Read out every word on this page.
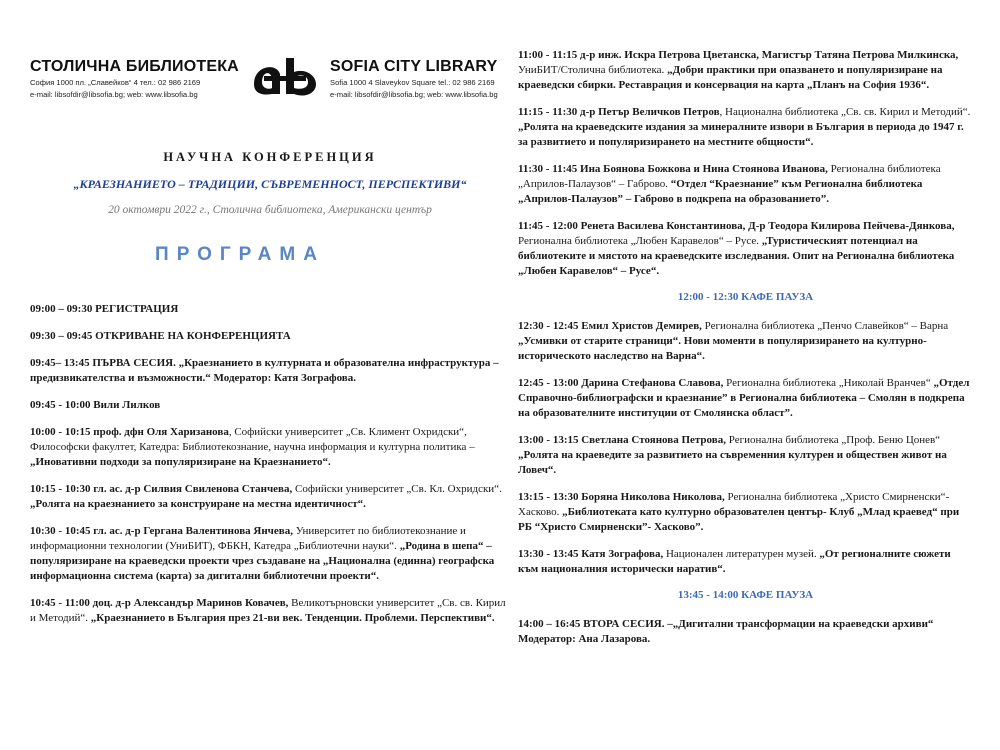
СТОЛИЧНА БИБЛИОТЕКА
София 1000 пл. „Славейков“ 4 тел.: 02 986 2169
e-mail: libsofdir@libsofia.bg; web: www.libsofia.bg
SOFIA CITY LIBRARY
Sofia 1000 4 Slaveykov Square tel.: 02 986 2169
e-mail: libsofdir@libsofia.bg; web: www.libsofia.bg
НАУЧНА КОНФЕРЕНЦИЯ
„КРАЕЗНАНИЕТО – ТРАДИЦИИ, СЪВРЕМЕННОСТ, ПЕРСПЕКТИВИ“
20 октомври 2022 г., Столична библиотека, Американски център
ПРОГРАМА
09:00 – 09:30 РЕГИСТРАЦИЯ
09:30 – 09:45 ОТКРИВАНЕ НА КОНФЕРЕНЦИЯТА
09:45– 13:45 ПЪРВА СЕСИЯ. „Краезнанието в културната и образователна инфраструктура – предизвикателства и възможности.“ Модератор: Катя Зографова.
09:45 - 10:00 Вили Лилков
10:00 - 10:15 проф. дфн Оля Харизанова, Софийски университет „Св. Климент Охридски“, Философски факултет, Катедра: Библиотекознание, научна информация и културна политика – „Иновативни подходи за популяризиране на Краезнанието“.
10:15 - 10:30 гл. ас. д-р Силвия Свиленова Станчева, Софийски университет „Св. Кл. Охридски“. „Ролята на краезнанието за конструиране на местна идентичност“.
10:30 - 10:45 гл. ас. д-р Гергана Валентинова Янчева, Университет по библиотекознание и информационни технологии (УниБИТ), ФБКН, Катедра „Библиотечни науки“. „Родина в шепа“ – популяризиране на краеведски проекти чрез създаване на „Национална (единна) географска информационна система (карта) за дигитални библиотечни проекти“.
10:45 - 11:00 доц. д-р Александър Маринов Ковачев, Великотърновски университет „Св. св. Кирил и Методий“. „Краезнанието в България през 21-ви век. Тенденции. Проблеми. Перспективи“.
11:00 - 11:15 д-р инж. Искра Петрова Цветанска, Магистър Татяна Петрова Милкинска, УниБИТ/Столична библиотека. „Добри практики при опазването и популяризиране на краеведски сбирки. Реставрация и консервация на карта „Планъ на София 1936“.
11:15 - 11:30 д-р Петър Величков Петров, Национална библиотека „Св. св. Кирил и Методий“. „Ролята на краеведските издания за минералните извори в България в периода до 1947 г. за развитието и популяризирането на местните общности“.
11:30 - 11:45 Ина Боянова Божкова и Нина Стоянова Иванова, Регионална библиотека „Априлов-Палаузов“ – Габрово. “Отдел “Краезнание” към Регионална библиотека „Априлов-Палаузов” – Габрово в подкрепа на образованието”.
11:45 - 12:00 Ренета Василева Константинова, Д-р Теодора Килирова Пейчева-Дянкова, Регионална библиотека „Любен Каравелов“ – Русе. „Туристическият потенциал на библиотеките и мястото на краеведските изследвания. Опит на Регионална библиотека „Любен Каравелов“ – Русе“.
12:00 - 12:30 КАФЕ ПАУЗА
12:30 - 12:45 Емил Христов Демирев, Регионална библиотека „Пенчо Славейков“ – Варна „Усмивки от старите страници“. Нови моменти в популяризирането на културно-историческото наследство на Варна“.
12:45 - 13:00 Дарина Стефанова Славова, Регионална библиотека „Николай Вранчев“ „Отдел Справочно-библиографски и краезнание” в Регионална библиотека – Смолян в подкрепа на образователните институции от Смолянска област”.
13:00 - 13:15 Светлана Стоянова Петрова, Регионална библиотека „Проф. Беню Цонев“ „Ролята на краеведите за развитието на съвременния културен и обществен живот на Ловеч“.
13:15 - 13:30 Боряна Николова Николова, Регионална библиотека „Христо Смирненски“- Хасково. „Библиотеката като културно образователен център- Клуб „Млад краевед“ при РБ “Христо Смирненски”- Хасково”.
13:30 - 13:45 Катя Зографова, Национален литературен музей. „От регионалните сюжети към националния исторически наратив“.
13:45 - 14:00 КАФЕ ПАУЗА
14:00 – 16:45 ВТОРА СЕСИЯ. –„Дигитални трансформации на краеведски архиви“ Модератор: Ана Лазарова.
